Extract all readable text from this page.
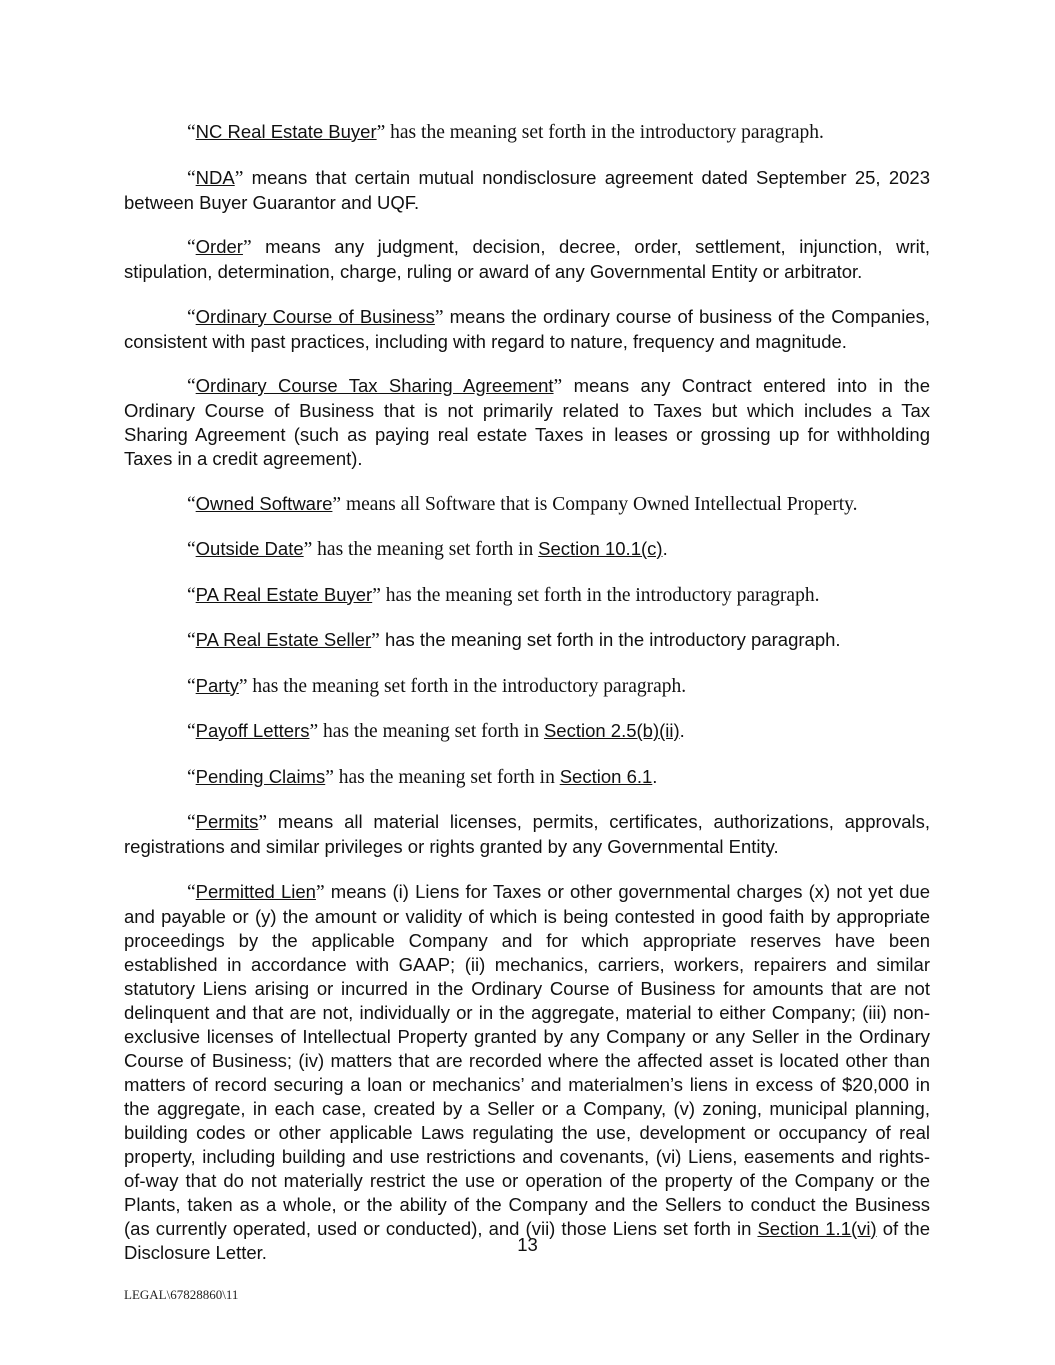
“NC Real Estate Buyer” has the meaning set forth in the introductory paragraph.

“NDA” means that certain mutual nondisclosure agreement dated September 25, 2023 between Buyer Guarantor and UQF.

“Order” means any judgment, decision, decree, order, settlement, injunction, writ, stipulation, determination, charge, ruling or award of any Governmental Entity or arbitrator.

“Ordinary Course of Business” means the ordinary course of business of the Companies, consistent with past practices, including with regard to nature, frequency and magnitude.

“Ordinary Course Tax Sharing Agreement” means any Contract entered into in the Ordinary Course of Business that is not primarily related to Taxes but which includes a Tax Sharing Agreement (such as paying real estate Taxes in leases or grossing up for withholding Taxes in a credit agreement).

“Owned Software” means all Software that is Company Owned Intellectual Property.

“Outside Date” has the meaning set forth in Section 10.1(c).

“PA Real Estate Buyer” has the meaning set forth in the introductory paragraph.

“PA Real Estate Seller” has the meaning set forth in the introductory paragraph.

“Party” has the meaning set forth in the introductory paragraph.

“Payoff Letters” has the meaning set forth in Section 2.5(b)(ii).

“Pending Claims” has the meaning set forth in Section 6.1.

“Permits” means all material licenses, permits, certificates, authorizations, approvals, registrations and similar privileges or rights granted by any Governmental Entity.

“Permitted Lien” means (i) Liens for Taxes or other governmental charges (x) not yet due and payable or (y) the amount or validity of which is being contested in good faith by appropriate proceedings by the applicable Company and for which appropriate reserves have been established in accordance with GAAP; (ii) mechanics, carriers, workers, repairers and similar statutory Liens arising or incurred in the Ordinary Course of Business for amounts that are not delinquent and that are not, individually or in the aggregate, material to either Company; (iii) non-exclusive licenses of Intellectual Property granted by any Company or any Seller in the Ordinary Course of Business; (iv) matters that are recorded where the affected asset is located other than matters of record securing a loan or mechanics’ and materialmen’s liens in excess of $20,000 in the aggregate, in each case, created by a Seller or a Company, (v) zoning, municipal planning, building codes or other applicable Laws regulating the use, development or occupancy of real property, including building and use restrictions and covenants, (vi) Liens, easements and rights-of-way that do not materially restrict the use or operation of the property of the Company or the Plants, taken as a whole, or the ability of the Company and the Sellers to conduct the Business (as currently operated, used or conducted), and (vii) those Liens set forth in Section 1.1(vi) of the Disclosure Letter.	13
LEGAL\67828860\11
